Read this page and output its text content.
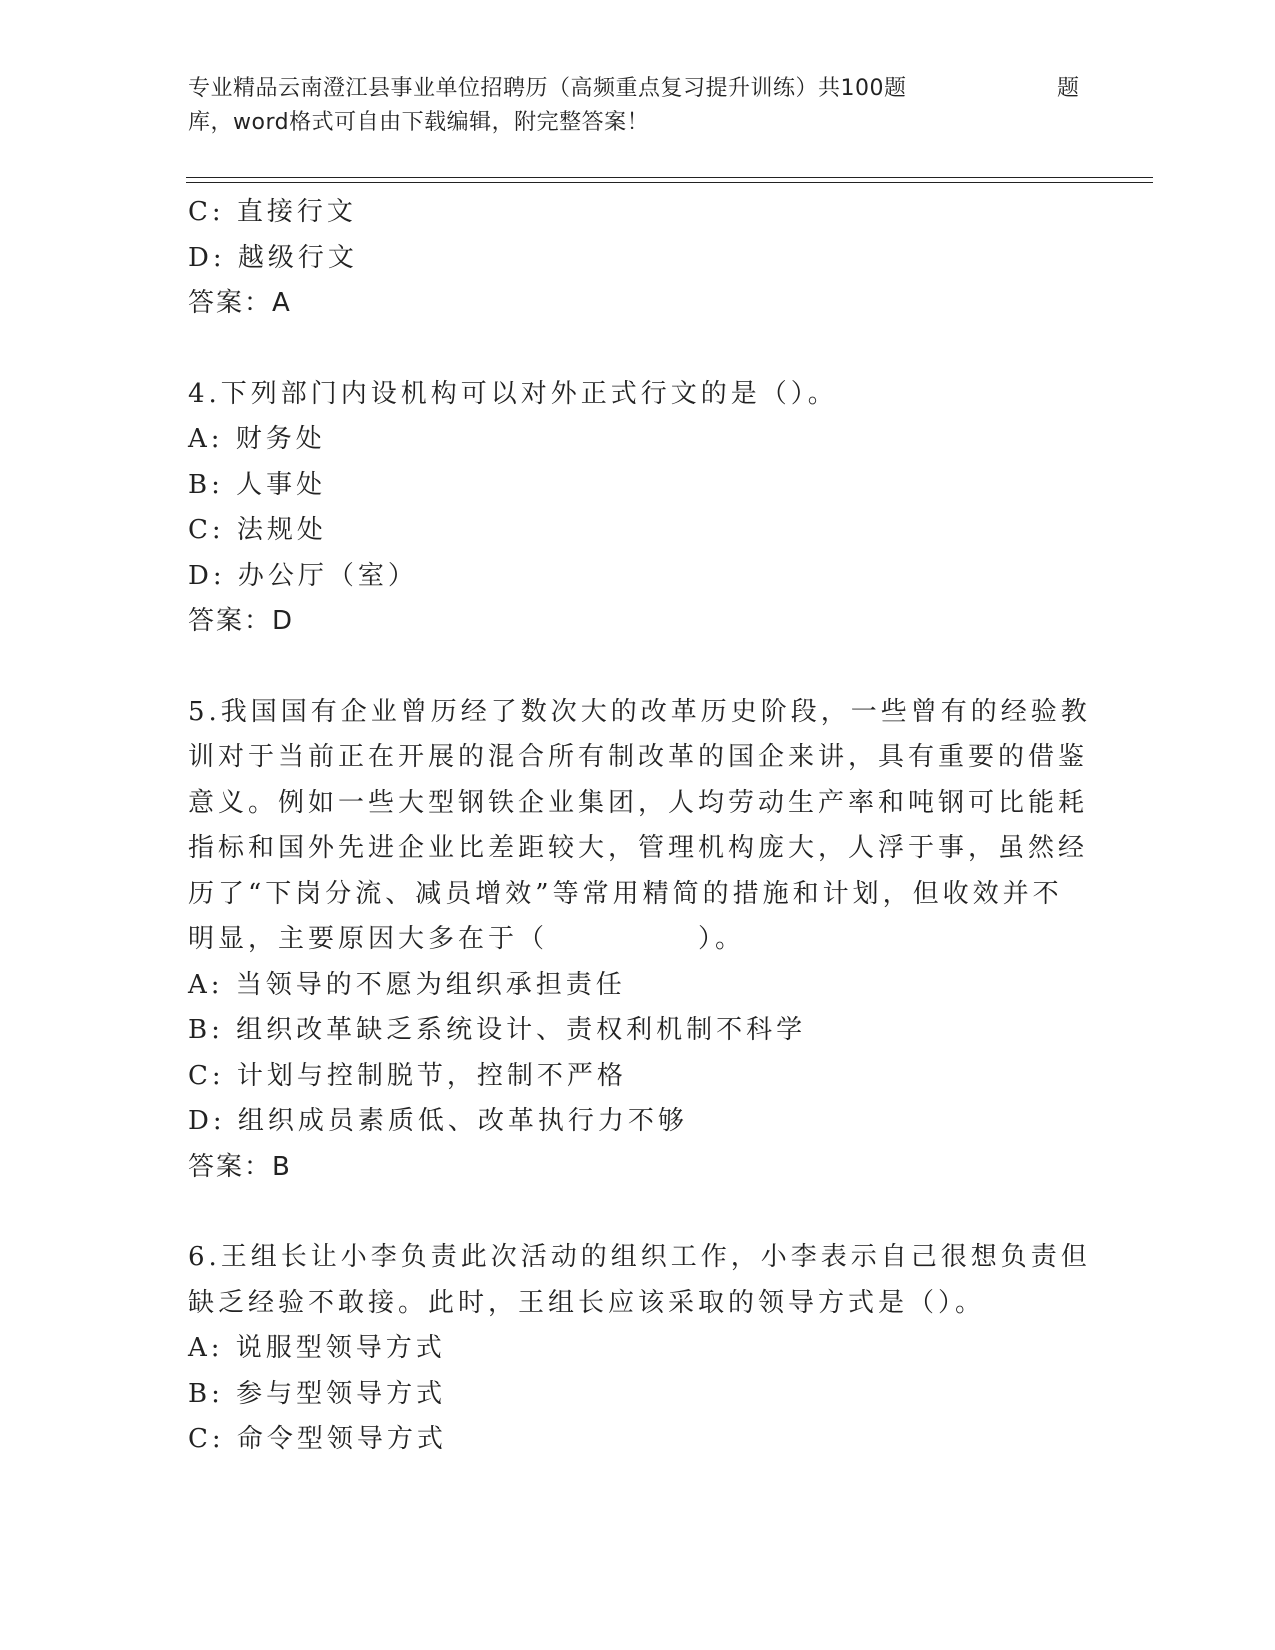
专业精品云南澄江县事业单位招聘历（高频重点复习提升训练）共100题
库，word格式可自由下载编辑，附完整答案！
题
C: 直接行文
D: 越级行文
答案：A
4.下列部门内设机构可以对外正式行文的是（）。
A: 财务处
B: 人事处
C: 法规处
D: 办公厅（室）
答案：D
5.我国国有企业曾历经了数次大的改革历史阶段，一些曾有的经验教
训对于当前正在开展的混合所有制改革的国企来讲，具有重要的借鉴
意义。例如一些大型钢铁企业集团，人均劳动生产率和吨钢可比能耗
指标和国外先进企业比差距较大，管理机构庞大，人浮于事，虽然经
历了“下岗分流、减员增效”等常用精简的措施和计划，但收效并不
明显，主要原因大多在于（　　　　　）。
A: 当领导的不愿为组织承担责任
B: 组织改革缺乏系统设计、责权利机制不科学
C: 计划与控制脱节，控制不严格
D: 组织成员素质低、改革执行力不够
答案：B
6.王组长让小李负责此次活动的组织工作，小李表示自己很想负责但
缺乏经验不敢接。此时，王组长应该采取的领导方式是（）。
A: 说服型领导方式
B: 参与型领导方式
C: 命令型领导方式
